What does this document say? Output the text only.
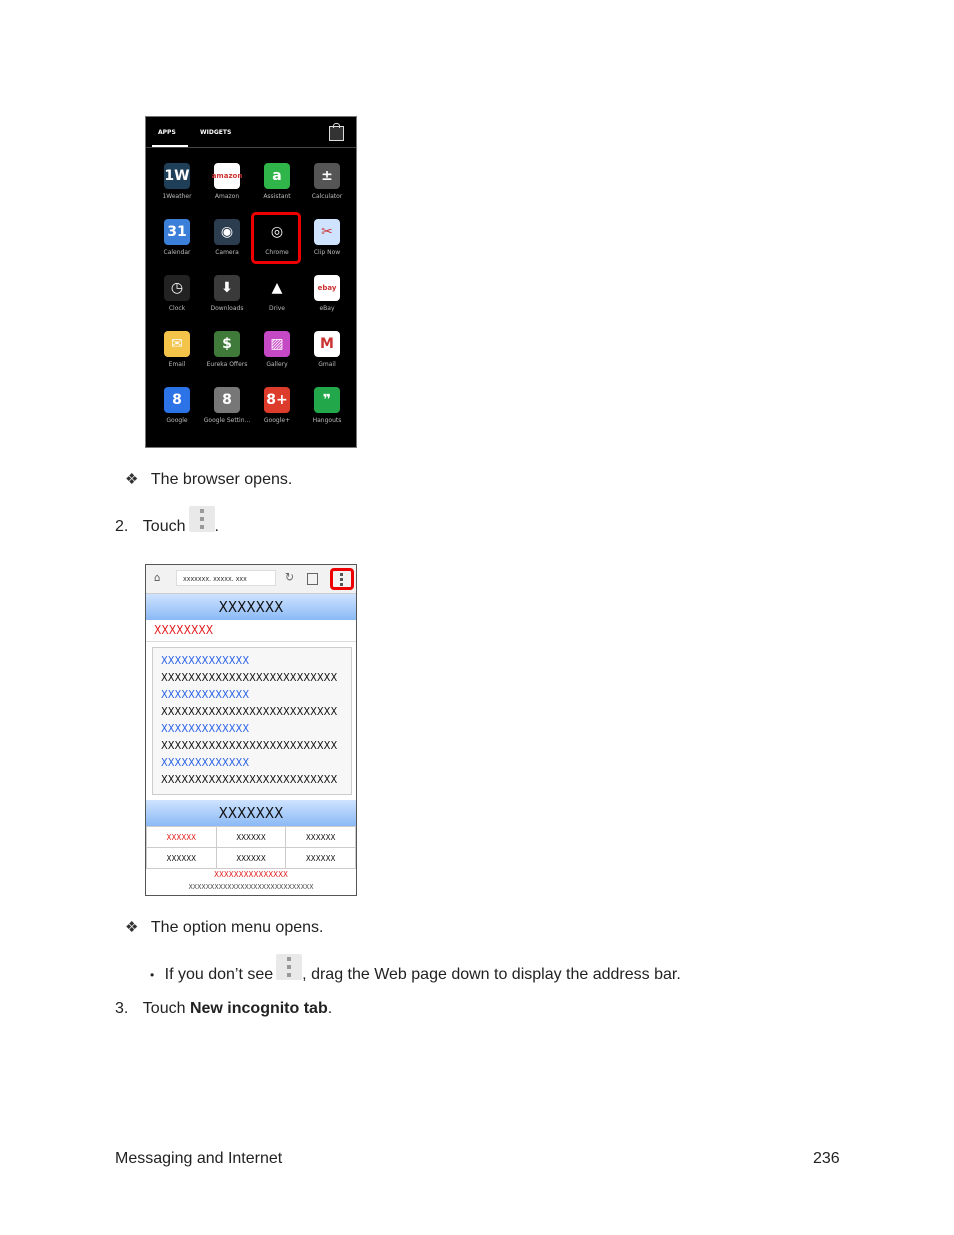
APPS	WIDGETS
1W
1Weather
amazon
Amazon
a
Assistant
±
Calculator
31
Calendar
◉
Camera
◎
Chrome
✂
Clip Now
◷
Clock
⬇
Downloads
▲
Drive
ebay
eBay
✉
Email
$
Eureka Offers
▨
Gallery
M
Gmail
8
Google
8
Google Settin...
8+
Google+
❞
Hangouts
❖ The browser opens.
2. Touch .
⌂	xxxxxxx. xxxxx. xxx	↻
XXXXXXX
XXXXXXXX
XXXXXXXXXXXXX
XXXXXXXXXXXXXXXXXXXXXXXXXX
XXXXXXXXXXXXX
XXXXXXXXXXXXXXXXXXXXXXXXXX
XXXXXXXXXXXXX
XXXXXXXXXXXXXXXXXXXXXXXXXX
XXXXXXXXXXXXX
XXXXXXXXXXXXXXXXXXXXXXXXXX
XXXXXXX
XXXXXX	XXXXXX	XXXXXX
XXXXXX	XXXXXX	XXXXXX
XXXXXXXXXXXXXXX
XXXXXXXXXXXXXXXXXXXXXXXXXXXXX
❖ The option menu opens.
• If you don’t see , drag the Web page down to display the address bar.
3. Touch New incognito tab.
Messaging and Internet	236
